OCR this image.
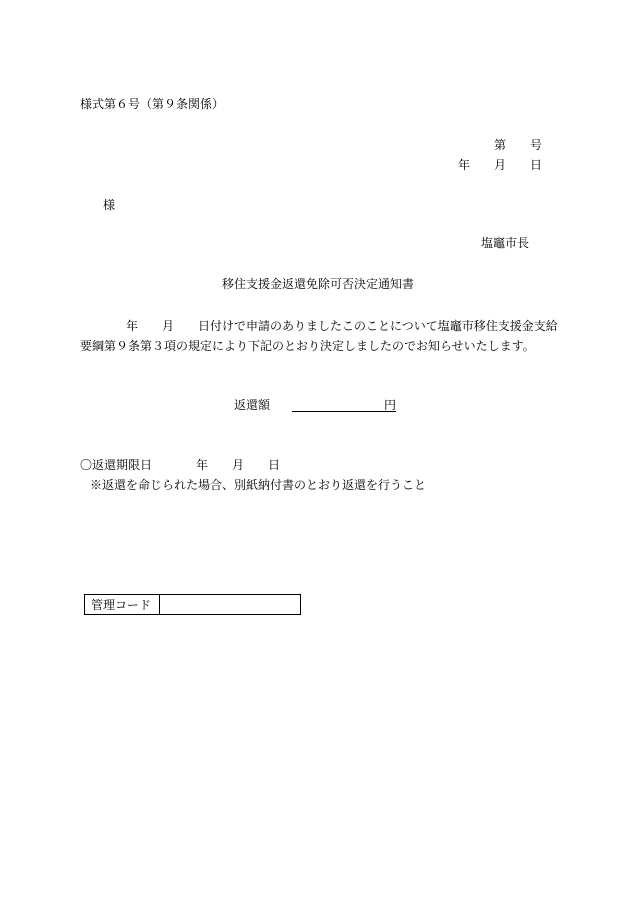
様式第６号（第９条関係）
第　　号
年　　月　　日
様
塩竈市長
移住支援金返還免除可否決定通知書
年　　月　　日付けで申請のありましたこのことについて塩竈市移住支援金支給
要綱第９条第３項の規定により下記のとおり決定しましたのでお知らせいたします。
返還額	円
〇返還期限日	年　　月　　日
※返還を命じられた場合、別紙納付書のとおり返還を行うこと
管理コード	
